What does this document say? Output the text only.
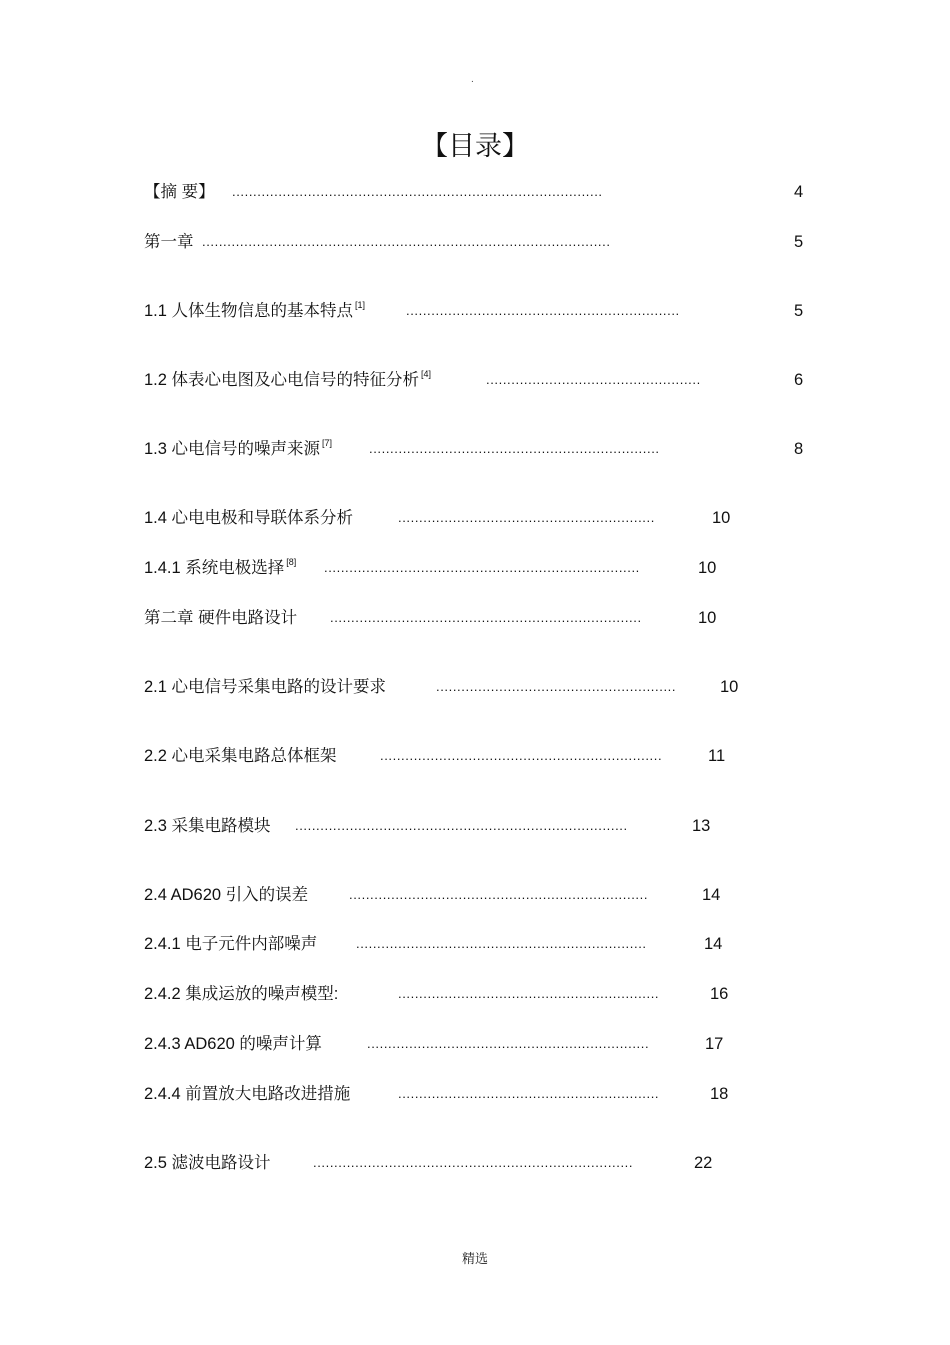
.
【目录】
【摘 要】 ........................................................................................	4
第一章 .................................................................................................	5
1.1 人体生物信息的基本特点 [1]	.................................................................	5
1.2 体表心电图及心电信号的特征分析 [4]	...................................................	6
1.3 心电信号的噪声来源 [7]	.....................................................................	8
1.4 心电电极和导联体系分析	.............................................................	10
1.4.1 系统电极选择 [8] ...........................................................................	10
第二章 硬件电路设计	..........................................................................	10
2.1 心电信号采集电路的设计要求	.........................................................	10
2.2 心电采集电路总体框架	...................................................................	11
2.3 采集电路模块 ...............................................................................	13
2.4 AD620 引入的误差	.......................................................................	14
2.4.1 电子元件内部噪声	.....................................................................	14
2.4.2 集成运放的噪声模型:	..............................................................	16
2.4.3 AD620 的噪声计算	...................................................................	17
2.4.4 前置放大电路改进措施	..............................................................	18
2.5 滤波电路设计	............................................................................	22
精选
